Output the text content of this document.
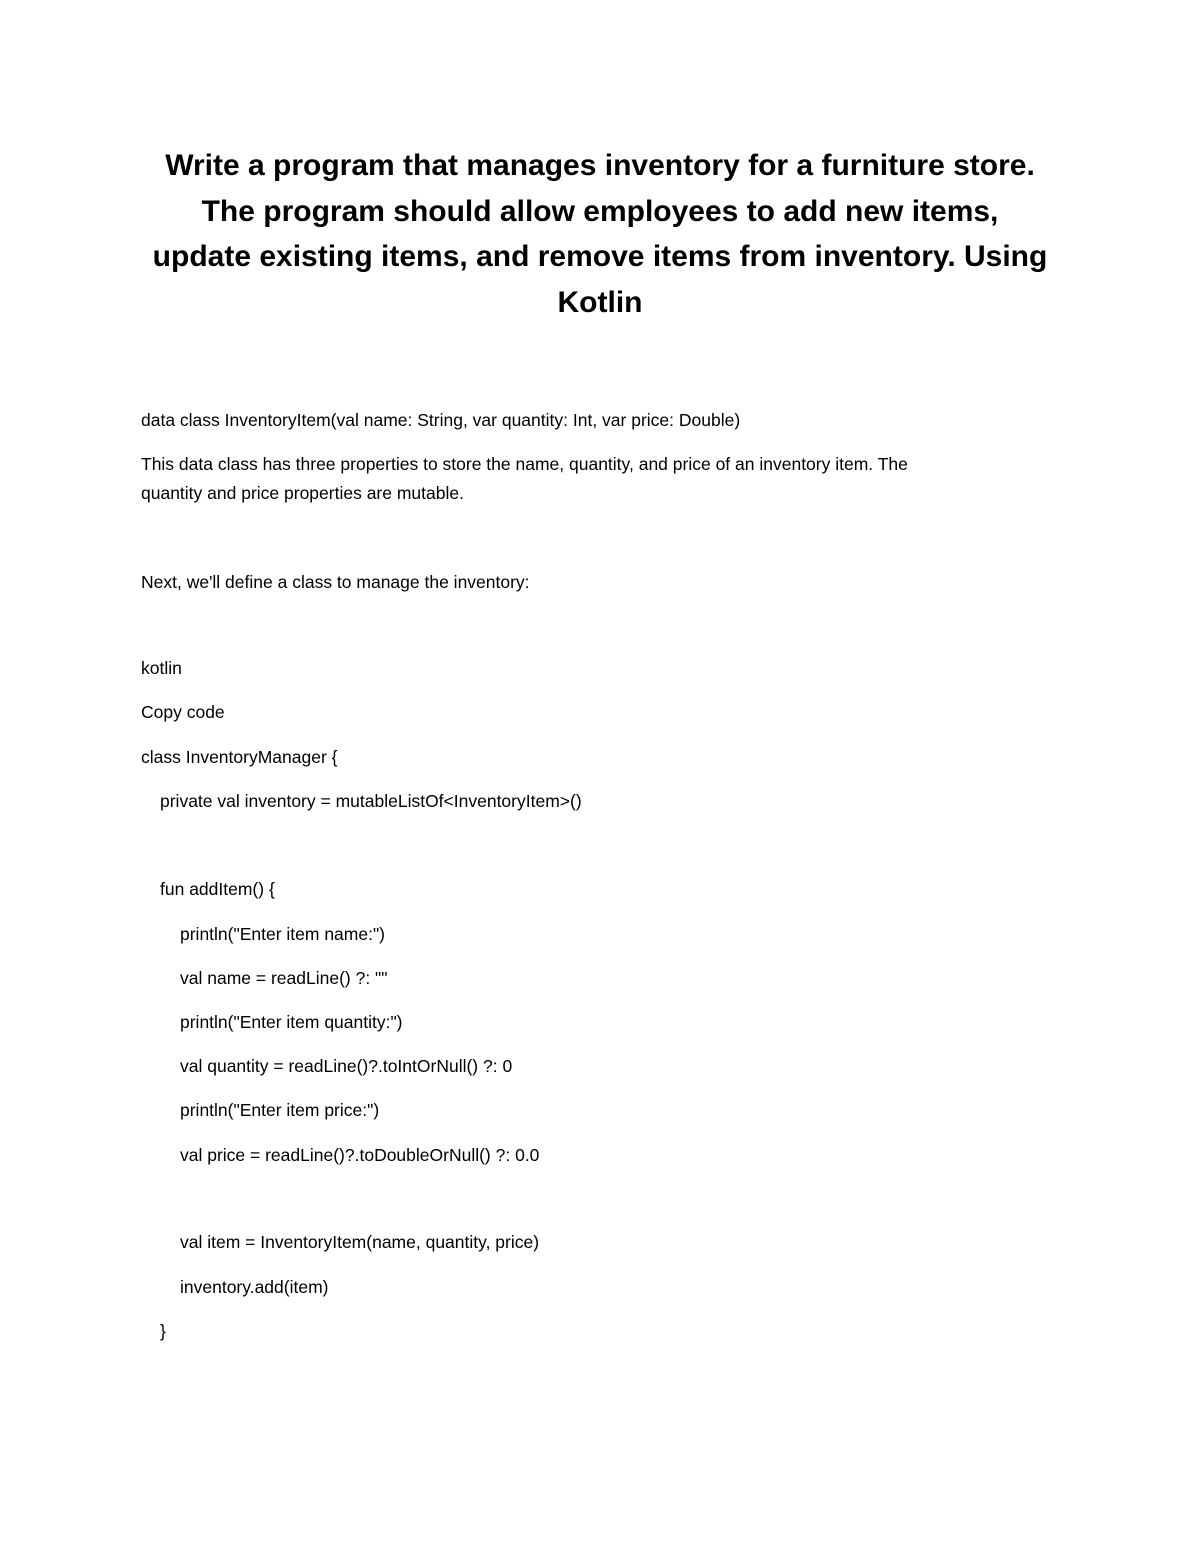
Write a program that manages inventory for a furniture store.
The program should allow employees to add new items,
update existing items, and remove items from inventory. Using
Kotlin

data class InventoryItem(val name: String, var quantity: Int, var price: Double)

This data class has three properties to store the name, quantity, and price of an inventory item. The

quantity and price properties are mutable.

Next, we'll define a class to manage the inventory:

kotlin

Copy code

class InventoryManager {

private val inventory = mutableListOf<InventoryItem>()

fun addItem() {

println("Enter item name:")

val name = readLine() ?: ""

println("Enter item quantity:")

val quantity = readLine()?.toIntOrNull() ?: 0

println("Enter item price:")

val price = readLine()?.toDoubleOrNull() ?: 0.0

val item = InventoryItem(name, quantity, price)

inventory.add(item)

}
